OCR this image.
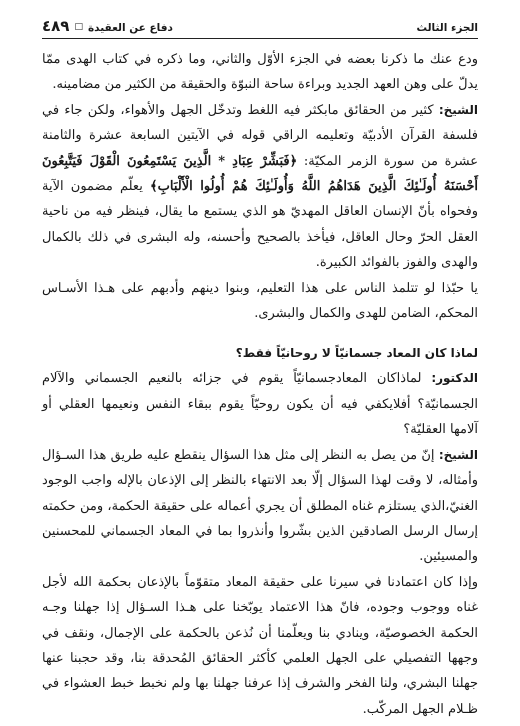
الجزء الثالث
دفاع عن العقيدة
□
٤٨٩

ودع عنك ما ذكرنا بعضه في الجزء الأوّل والثاني، وما ذكره في كتاب الهدى ممّا يدلّ على وهن العهد الجديد وبراءة ساحة النبوّة والحقيقة من الكثير من مضامينه.

الشيخ: كثير من الحقائق مابكثر فيه اللغط وتدخّل الجهل والأهواء، ولكن جاء في فلسفة القرآن الأدبيّة وتعليمه الراقي قوله في الآيتين السابعة عشرة والثامنة عشرة من سورة الزمر المكيّة: ﴿فَبَشِّرْ عِبَادِ * الَّذِينَ يَسْتَمِعُونَ الْقَوْلَ فَيَتَّبِعُونَ أَحْسَنَهُ أُولَـٰئِكَ الَّذِينَ هَدَاهُمُ اللَّهُ وَأُولَـٰئِكَ هُمْ أُولُوا الْأَلْبَابِ﴾ يعلّم مضمون الآية وفحواه بأنّ الإنسان العاقل المهديّ هو الذي يستمع ما يقال، فينظر فيه من ناحية العقل الحرّ وحال العاقل، فيأخذ بالصحيح وأحسنه، وله البشرى في ذلك بالكمال والهدى والفوز بالفوائد الكبيرة.

يا حبّذا لو تتلمذ الناس على هذا التعليم، وبنوا دينهم وأدبهم على هـذا الأسـاس المحكم، الضامن للهدى والكمال والبشرى.

لماذا كان المعاد جسمانيّاً لا روحانيّاً فقط؟

الدكتور: لماذاكان المعادجسمانيّاً يقوم في جزائه بالنعيم الجسماني والآلام الجسمانيّة؟ أفلايكفي فيه أن يكون روحيّاً يقوم ببقاء النفس ونعيمها العقلي أو آلامها العقليّة؟

الشيخ: إنّ من يصل به النظر إلى مثل هذا السؤال ينقطع عليه طريق هذا السـؤال وأمثاله، لا وقت لهذا السؤال إلّا بعد الانتهاء بالنظر إلى الإذعان بالإله واجب الوجود الغنيّ،الذي يستلزم غناه المطلق أن يجري أعماله على حقيقة الحكمة، ومن حكمته إرسال الرسل الصادقين الذين بشّروا وأنذروا بما في المعاد الجسماني للمحسنين والمسيئين.

وإذا كان اعتمادنا في سيرنا على حقيقة المعاد متقوّماً بالإذعان بحكمة الله لأجل غناه ووجوب وجوده، فانّ هذا الاعتماد يوبّخنا على هـذا السـؤال إذا جهلنا وجـه الحكمة الخصوصيّة، وينادي بنا ويعلّمنا أن نُذعن بالحكمة على الإجمال، ونقف في وجهها التفصيلي على الجهل العلمي كأكثر الحقائق المُحدقة بنا، وقد حجبنا عنها جهلنا البشري، ولنا الفخر والشرف إذا عرفنا جهلنا بها ولم نخبط خبط العشواء في ظـلام الجهل المركّب.
